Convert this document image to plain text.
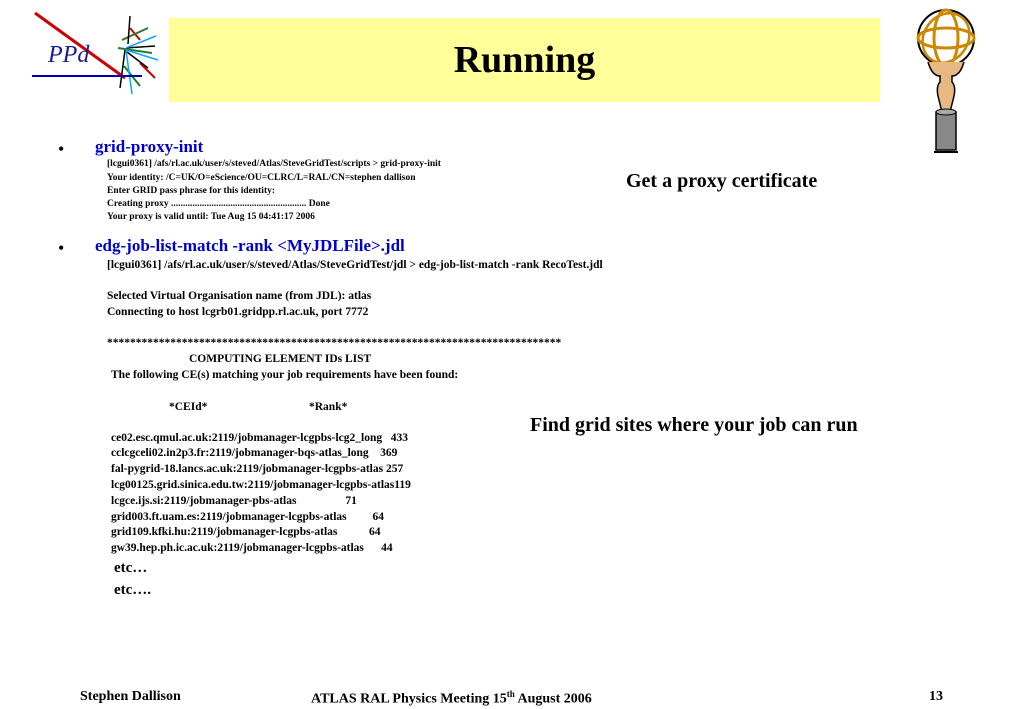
PPd	Running
• grid-proxy-init
[lcgui0361] /afs/rl.ac.uk/user/s/steved/Atlas/SteveGridTest/scripts > grid-proxy-init
Your identity: /C=UK/O=eScience/OU=CLRC/L=RAL/CN=stephen dallison
Enter GRID pass phrase for this identity:
Creating proxy ......................................................... Done
Your proxy is valid until: Tue Aug 15 04:41:17 2006
Get a proxy certificate
• edg-job-list-match -rank <MyJDLFile>.jdl
[lcgui0361] /afs/rl.ac.uk/user/s/steved/Atlas/SteveGridTest/jdl > edg-job-list-match -rank RecoTest.jdl
Selected Virtual Organisation name (from JDL): atlas
Connecting to host lcgrb01.gridpp.rl.ac.uk, port 7772
*******************************************************************************
COMPUTING ELEMENT IDs LIST
The following CE(s) matching your job requirements have been found:
*CEId*	*Rank*
ce02.esc.qmul.ac.uk:2119/jobmanager-lcgpbs-lcg2_long   433
cclcgceli02.in2p3.fr:2119/jobmanager-bqs-atlas_long    369
fal-pygrid-18.lancs.ac.uk:2119/jobmanager-lcgpbs-atlas 257
lcg00125.grid.sinica.edu.tw:2119/jobmanager-lcgpbs-atlas119
lcgce.ijs.si:2119/jobmanager-pbs-atlas                 71
grid003.ft.uam.es:2119/jobmanager-lcgpbs-atlas         64
grid109.kfki.hu:2119/jobmanager-lcgpbs-atlas           64
gw39.hep.ph.ic.ac.uk:2119/jobmanager-lcgpbs-atlas      44
etc…
etc….
Find grid sites where your job can run
Stephen Dallison	ATLAS RAL Physics Meeting 15th August 2006	13
